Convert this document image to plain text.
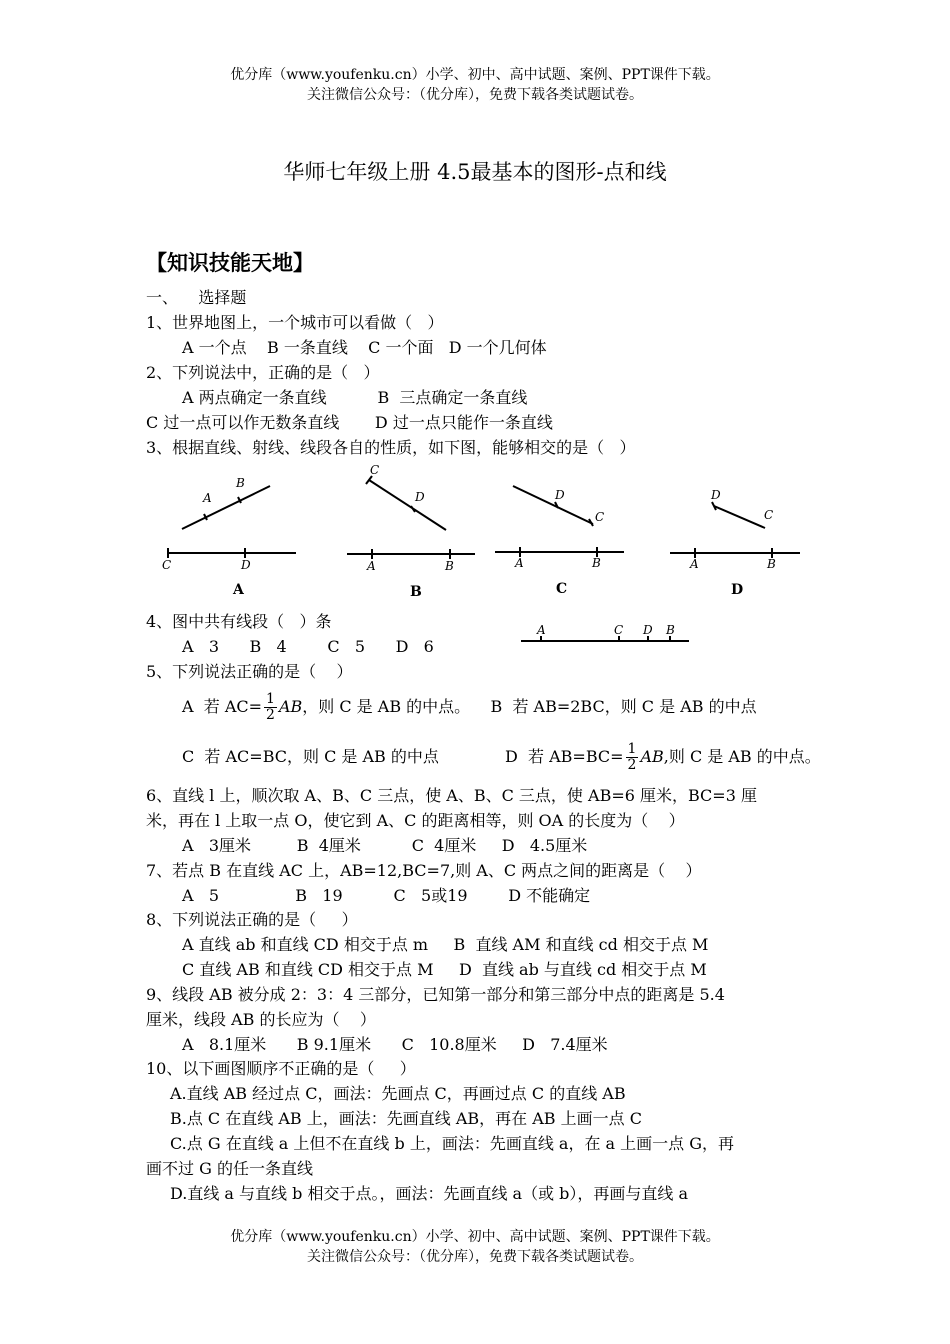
优分库（www.youfenku.cn）小学、初中、高中试题、案例、PPT课件下载。
关注微信公众号：（优分库），免费下载各类试题试卷。
华师七年级上册 4.5最基本的图形-点和线
【知识技能天地】
一、    选择题
1、世界地图上，一个城市可以看做（   ）
A 一个点    B 一条直线    C 一个面   D 一个几何体
2、下列说法中，正确的是（   ）
A 两点确定一条直线          B  三点确定一条直线
C 过一点可以作无数条直线       D 过一点只能作一条直线
3、根据直线、射线、线段各自的性质，如下图，能够相交的是（   ）
A
B
C	D
C
D
A	B
D
C
A	B
D
C
A	B
A	B	C	D
4、图中共有线段（   ）条	A	C D B
A   3      B   4        C   5      D   6
5、下列说法正确的是（    ）
A  若 $AC= \frac{1}{2}$ AB，则 C 是 AB 的中点。    B  若 AB=2BC，则 C 是 AB 的中点
C  若 AC=BC，则 C 是 AB 的中点             D  若 $AB=BC= \frac{1}{2}$ AB,则 C 是 AB 的中点。
6、直线 l 上，顺次取 A、B、C 三点，使 A、B、C 三点，使 AB=6 厘米，BC=3 厘
米，再在 l 上取一点 O，使它到 A、C 的距离相等，则 OA 的长度为（    ）
A   3厘米         B  4厘米          C  4厘米     D   4.5厘米
7、若点 B 在直线 AC 上，AB=12,BC=7,则 A、C 两点之间的距离是（    ）
A   5               B   19          C   5或19        D 不能确定
8、下列说法正确的是（     ）
A 直线 ab 和直线 CD 相交于点 m     B  直线 AM 和直线 cd 相交于点 M
C 直线 AB 和直线 CD 相交于点 M     D  直线 ab 与直线 cd 相交于点 M
9、线段 AB 被分成 2：3：4 三部分，已知第一部分和第三部分中点的距离是 5.4
厘米，线段 AB 的长应为（    ）
A   8.1厘米      B 9.1厘米      C   10.8厘米     D   7.4厘米
10、以下画图顺序不正确的是（     ）
A.直线 AB 经过点 C，画法：先画点 C，再画过点 C 的直线 AB
B.点 C 在直线 AB 上，画法：先画直线 AB，再在 AB 上画一点 C
C.点 G 在直线 a 上但不在直线 b 上，画法：先画直线 a，在 a 上画一点 G，再
画不过 G 的任一条直线
D.直线 a 与直线 b 相交于点。，画法：先画直线 a（或 b），再画与直线 a
优分库（www.youfenku.cn）小学、初中、高中试题、案例、PPT课件下载。
关注微信公众号：（优分库），免费下载各类试题试卷。
